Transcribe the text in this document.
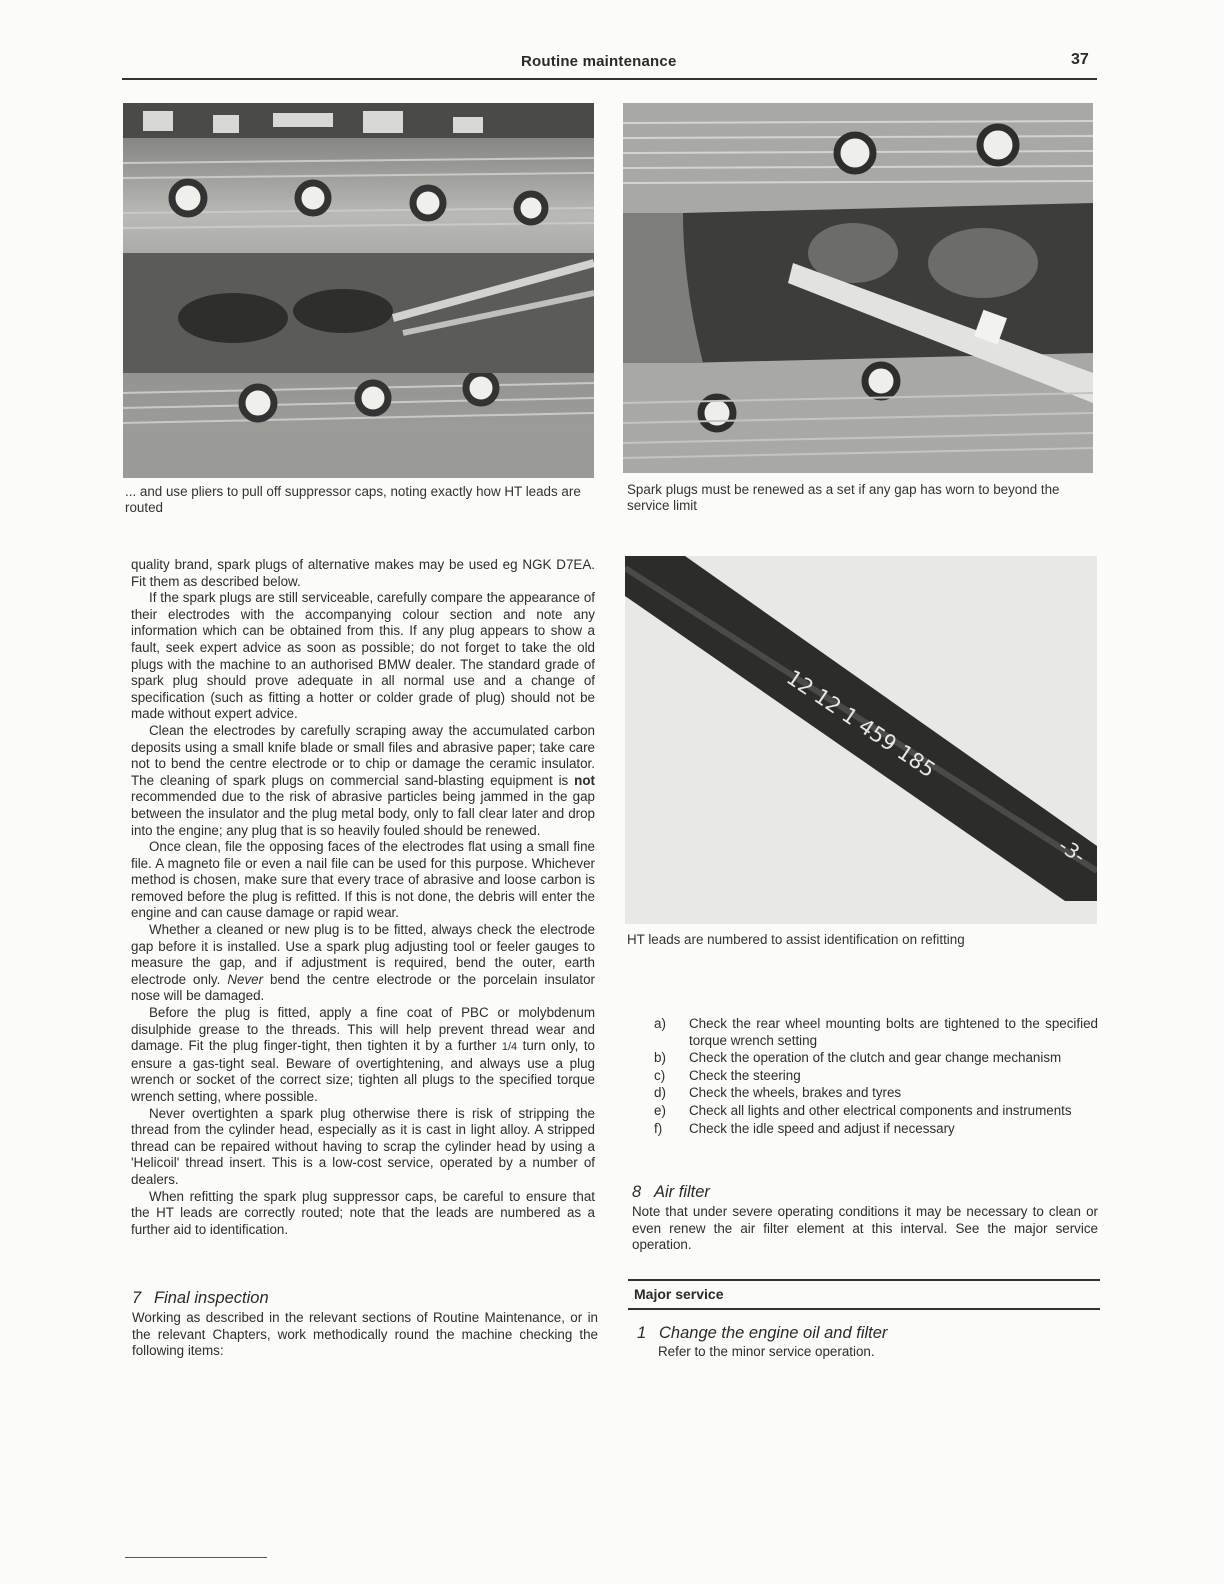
Routine maintenance	37
... and use pliers to pull off suppressor caps, noting exactly how HT leads are routed
Spark plugs must be renewed as a set if any gap has worn to beyond the service limit
12 12 1 459 185
-3-
HT leads are numbered to assist identification on refitting

quality brand, spark plugs of alternative makes may be used eg NGK D7EA. Fit them as described below.

If the spark plugs are still serviceable, carefully compare the appearance of their electrodes with the accompanying colour section and note any information which can be obtained from this. If any plug appears to show a fault, seek expert advice as soon as possible; do not forget to take the old plugs with the machine to an authorised BMW dealer. The standard grade of spark plug should prove adequate in all normal use and a change of specification (such as fitting a hotter or colder grade of plug) should not be made without expert advice.

Clean the electrodes by carefully scraping away the accumulated carbon deposits using a small knife blade or small files and abrasive paper; take care not to bend the centre electrode or to chip or damage the ceramic insulator. The cleaning of spark plugs on commercial sand-blasting equipment is not recommended due to the risk of abrasive particles being jammed in the gap between the insulator and the plug metal body, only to fall clear later and drop into the engine; any plug that is so heavily fouled should be renewed.

Once clean, file the opposing faces of the electrodes flat using a small fine file. A magneto file or even a nail file can be used for this purpose. Whichever method is chosen, make sure that every trace of abrasive and loose carbon is removed before the plug is refitted. If this is not done, the debris will enter the engine and can cause damage or rapid wear.

Whether a cleaned or new plug is to be fitted, always check the electrode gap before it is installed. Use a spark plug adjusting tool or feeler gauges to measure the gap, and if adjustment is required, bend the outer, earth electrode only. Never bend the centre electrode or the porcelain insulator nose will be damaged.

Before the plug is fitted, apply a fine coat of PBC or molybdenum disulphide grease to the threads. This will help prevent thread wear and damage. Fit the plug finger-tight, then tighten it by a further 1/4 turn only, to ensure a gas-tight seal. Beware of overtightening, and always use a plug wrench or socket of the correct size; tighten all plugs to the specified torque wrench setting, where possible.

Never overtighten a spark plug otherwise there is risk of stripping the thread from the cylinder head, especially as it is cast in light alloy. A stripped thread can be repaired without having to scrap the cylinder head by using a 'Helicoil' thread insert. This is a low-cost service, operated by a number of dealers.

When refitting the spark plug suppressor caps, be careful to ensure that the HT leads are correctly routed; note that the leads are numbered as a further aid to identification.

7 Final inspection
Working as described in the relevant sections of Routine Maintenance, or in the relevant Chapters, work methodically round the machine checking the following items:
a)	Check the rear wheel mounting bolts are tightened to the specified torque wrench setting
b)	Check the operation of the clutch and gear change mechanism
c)	Check the steering
d)	Check the wheels, brakes and tyres
e)	Check all lights and other electrical components and instruments
f)	Check the idle speed and adjust if necessary
8 Air filter
Note that under severe operating conditions it may be necessary to clean or even renew the air filter element at this interval. See the major service operation.
Major service
1 Change the engine oil and filter
Refer to the minor service operation.
